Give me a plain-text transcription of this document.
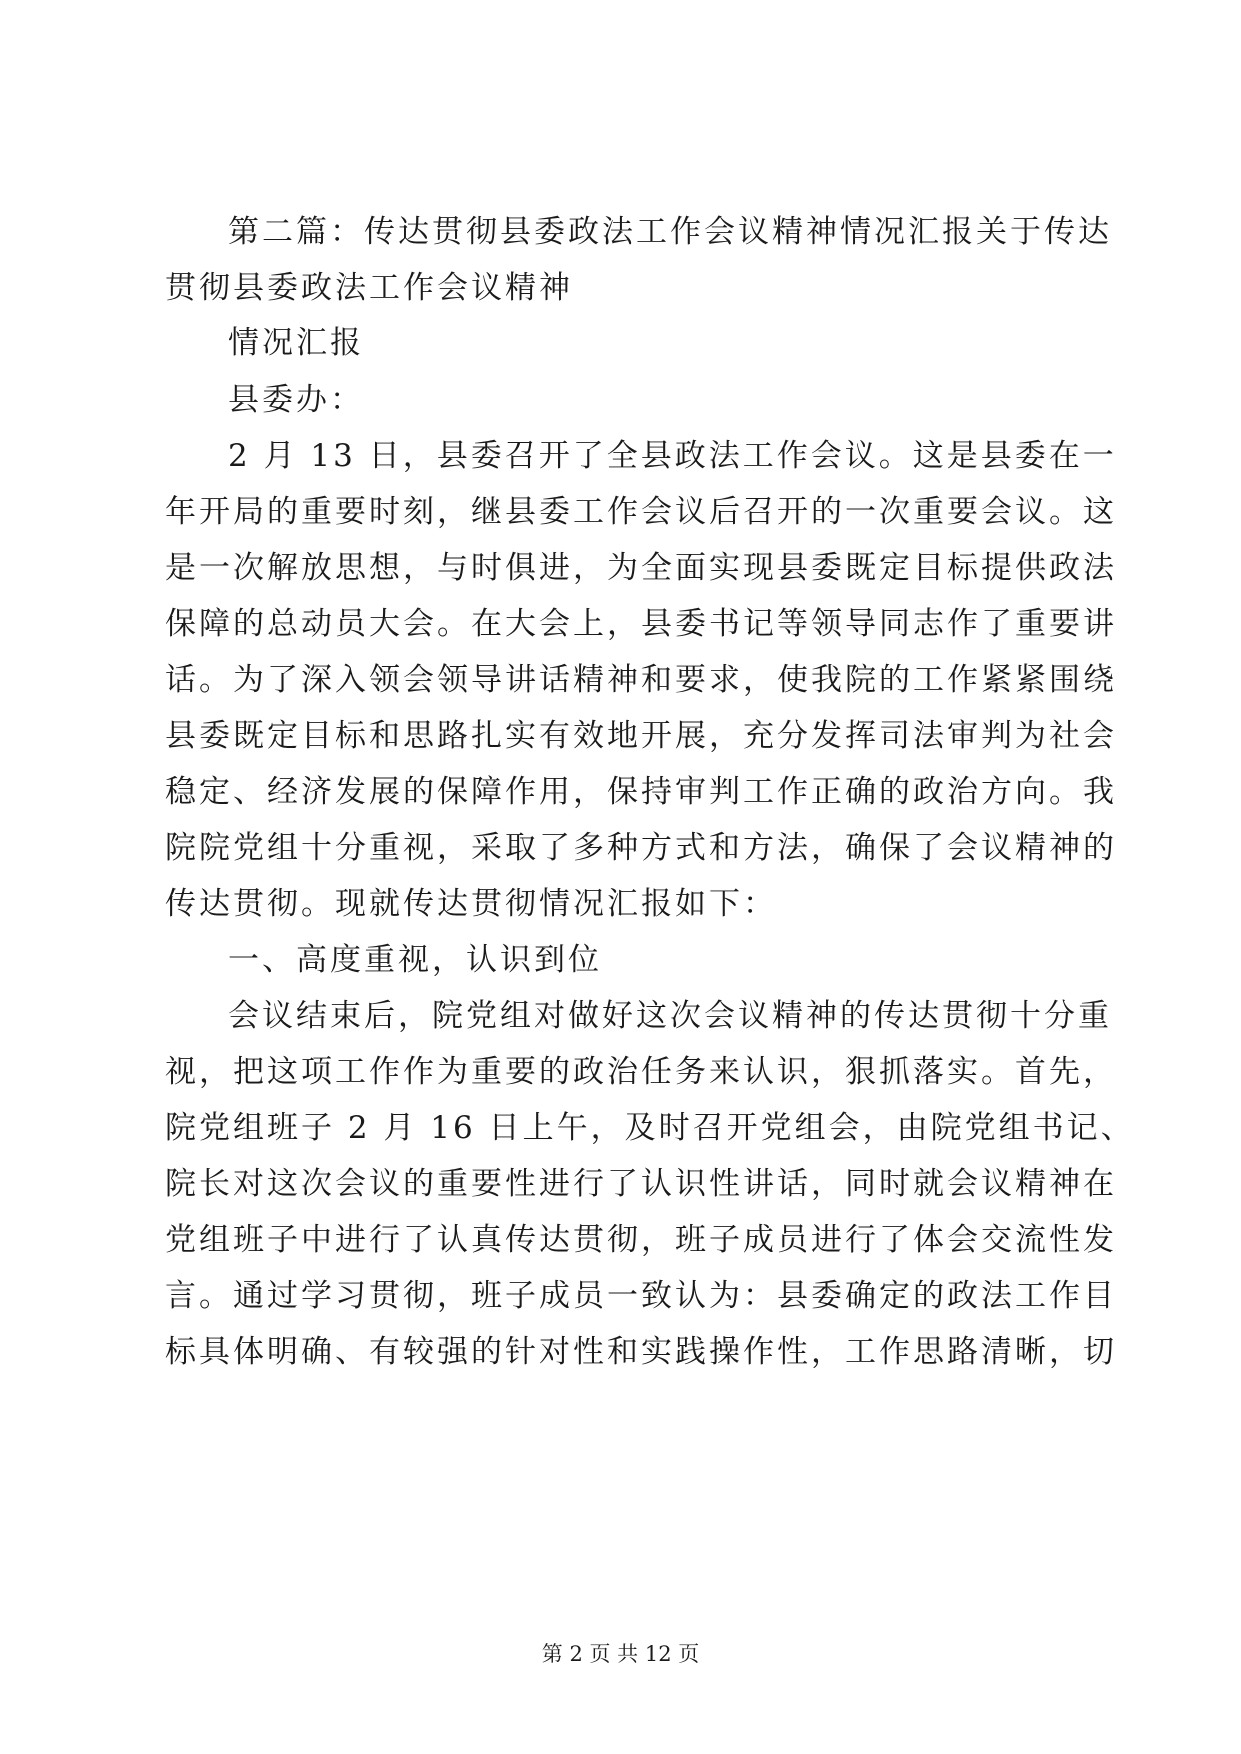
第二篇：传达贯彻县委政法工作会议精神情况汇报关于传达
贯彻县委政法工作会议精神
情况汇报
县委办：
2 月 13 日，县委召开了全县政法工作会议。这是县委在一
年开局的重要时刻，继县委工作会议后召开的一次重要会议。这
是一次解放思想，与时俱进，为全面实现县委既定目标提供政法
保障的总动员大会。在大会上，县委书记等领导同志作了重要讲
话。为了深入领会领导讲话精神和要求，使我院的工作紧紧围绕
县委既定目标和思路扎实有效地开展，充分发挥司法审判为社会
稳定、经济发展的保障作用，保持审判工作正确的政治方向。我
院院党组十分重视，采取了多种方式和方法，确保了会议精神的
传达贯彻。现就传达贯彻情况汇报如下：
一、高度重视，认识到位
会议结束后，院党组对做好这次会议精神的传达贯彻十分重
视，把这项工作作为重要的政治任务来认识，狠抓落实。首先，
院党组班子 2 月 16 日上午，及时召开党组会，由院党组书记、
院长对这次会议的重要性进行了认识性讲话，同时就会议精神在
党组班子中进行了认真传达贯彻，班子成员进行了体会交流性发
言。通过学习贯彻，班子成员一致认为：县委确定的政法工作目
标具体明确、有较强的针对性和实践操作性，工作思路清晰，切
第 2 页 共 12 页
